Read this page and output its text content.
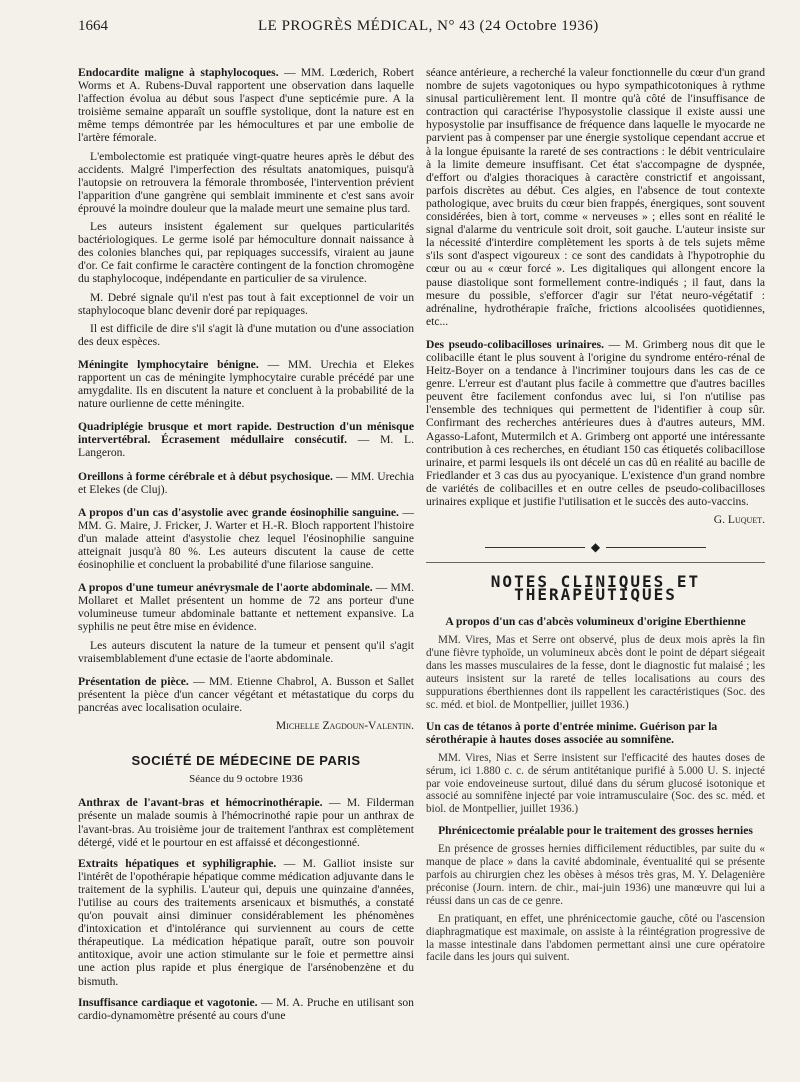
1664	LE PROGRÈS MÉDICAL, N° 43 (24 Octobre 1936)

Endocardite maligne à staphylocoques. — MM. Lœderich, Robert Worms et A. Rubens-Duval rapportent une observation dans laquelle l'affection évolua au début sous l'aspect d'une septicémie pure. A la troisième semaine apparaît un souffle systolique, dont la nature est en même temps démontrée par les hémocultures et par une embolie de l'artère fémorale.

L'embolectomie est pratiquée vingt-quatre heures après le début des accidents. Malgré l'imperfection des résultats anatomiques, puisqu'à l'autopsie on retrouvera la fémorale thrombosée, l'intervention prévient l'apparition d'une gangrène qui semblait imminente et c'est sans avoir éprouvé la moindre douleur que la malade meurt une semaine plus tard.

Les auteurs insistent également sur quelques particularités bactériologiques. Le germe isolé par hémoculture donnait naissance à des colonies blanches qui, par repiquages successifs, viraient au jaune d'or. Ce fait confirme le caractère contingent de la fonction chromogène du staphylocoque, indépendante en particulier de sa virulence.

M. Debré signale qu'il n'est pas tout à fait exceptionnel de voir un staphylocoque blanc devenir doré par repiquages.

Il est difficile de dire s'il s'agit là d'une mutation ou d'une association des deux espèces.

Méningite lymphocytaire bénigne. — MM. Urechia et Elekes rapportent un cas de méningite lymphocytaire curable précédé par une amygdalite. Ils en discutent la nature et concluent à la probabilité de la nature ourlienne de cette méningite.

Quadriplégie brusque et mort rapide. Destruction d'un ménisque intervertébral. Écrasement médullaire consécutif. — M. L. Langeron.

Oreillons à forme cérébrale et à début psychosique. — MM. Urechia et Elekes (de Cluj).

A propos d'un cas d'asystolie avec grande éosinophilie sanguine. — MM. G. Maire, J. Fricker, J. Warter et H.-R. Bloch rapportent l'histoire d'un malade atteint d'asystolie chez lequel l'éosinophilie sanguine atteignait jusqu'à 80 %. Les auteurs discutent la cause de cette éosinophilie et concluent la probabilité d'une filariose sanguine.

A propos d'une tumeur anévrysmale de l'aorte abdominale. — MM. Mollaret et Mallet présentent un homme de 72 ans porteur d'une volumineuse tumeur abdominale battante et nettement expansive. La syphilis ne peut être mise en évidence.

Les auteurs discutent la nature de la tumeur et pensent qu'il s'agit vraisemblablement d'une ectasie de l'aorte abdominale.

Présentation de pièce. — MM. Etienne Chabrol, A. Busson et Sallet présentent la pièce d'un cancer végétant et métastatique du corps du pancréas avec localisation oculaire.

Michelle Zagdoun-Valentin.
SOCIÉTÉ DE MÉDECINE DE PARIS
Séance du 9 octobre 1936

Anthrax de l'avant-bras et hémocrinothérapie. — M. Filderman présente un malade soumis à l'hémocrinothé rapie pour un anthrax de l'avant-bras. Au troisième jour de traitement l'anthrax est complètement détergé, vidé et le pourtour en est affaissé et décongestionné.

Extraits hépatiques et syphiligraphie. — M. Galliot insiste sur l'intérêt de l'opothérapie hépatique comme médication adjuvante dans le traitement de la syphilis. L'auteur qui, depuis une quinzaine d'années, l'utilise au cours des traitements arsenicaux et bismuthés, a constaté qu'on pouvait ainsi diminuer considérablement les phénomènes d'intoxication et d'intolérance qui surviennent au cours de cette thérapeutique. La médication hépatique paraît, outre son pouvoir antitoxique, avoir une action stimulante sur le foie et permettre ainsi une action plus rapide et plus énergique de l'arsénobenzène et du bismuth.

Insuffisance cardiaque et vagotonie. — M. A. Pruche en utilisant son cardio-dynamomètre présenté au cours d'une

séance antérieure, a recherché la valeur fonctionnelle du cœur d'un grand nombre de sujets vagotoniques ou hypo sympathicotoniques à rythme sinusal particulièrement lent. Il montre qu'à côté de l'insuffisance de contraction qui caractérise l'hyposystolie classique il existe aussi une hyposystolie par insuffisance de fréquence dans laquelle le myocarde ne parvient pas à compenser par une énergie systolique cependant accrue et à la longue épuisante la rareté de ses contractions : le débit ventriculaire à la limite demeure insuffisant. Cet état s'accompagne de dyspnée, d'effort ou d'algies thoraciques à caractère constrictif et angoissant, parfois discrètes au début. Ces algies, en l'absence de tout contexte pathologique, avec bruits du cœur bien frappés, énergiques, sont souvent considérées, bien à tort, comme « nerveuses » ; elles sont en réalité le signal d'alarme du ventricule soit droit, soit gauche. L'auteur insiste sur la nécessité d'interdire complètement les sports à de tels sujets même s'ils sont d'aspect vigoureux : ce sont des candidats à l'hypotrophie du cœur ou au « cœur forcé ». Les digitaliques qui allongent encore la pause diastolique sont formellement contre-indiqués ; il faut, dans la mesure du possible, s'efforcer d'agir sur l'état neuro-végétatif : adrénaline, hydrothérapie fraîche, frictions alcoolisées quotidiennes, etc...

Des pseudo-colibacilloses urinaires. — M. Grimberg nous dit que le colibacille étant le plus souvent à l'origine du syndrome entéro-rénal de Heitz-Boyer on a tendance à l'incriminer toujours dans les cas de ce genre. L'erreur est d'autant plus facile à commettre que d'autres bacilles peuvent être facilement confondus avec lui, si l'on n'utilise pas l'ensemble des techniques qui permettent de l'identifier à coup sûr. Confirmant des recherches antérieures dues à d'autres auteurs, MM. Agasso-Lafont, Mutermilch et A. Grimberg ont apporté une intéressante contribution à ces recherches, en étudiant 150 cas étiquetés colibacillose urinaire, et parmi lesquels ils ont décelé un cas dû en réalité au bacille de Friedlander et 3 cas dus au pyocyanique. L'existence d'un grand nombre de variétés de colibacilles et en outre celles de pseudo-colibacilloses urinaires explique et justifie l'utilisation et le succès des auto-vaccins.

G. Luquet.
◆
NOTES CLINIQUES ET THÉRAPEUTIQUES
A propos d'un cas d'abcès volumineux d'origine Eberthienne

MM. Vires, Mas et Serre ont observé, plus de deux mois après la fin d'une fièvre typhoïde, un volumineux abcès dont le point de départ siégeait dans les masses musculaires de la fesse, dont le diagnostic fut malaisé ; les auteurs insistent sur la rareté de telles localisations au cours des suppurations éberthiennes dont ils rappellent les caractéristiques (Soc. des sc. méd. et biol. de Montpellier, juillet 1936.)

Un cas de tétanos à porte d'entrée minime. Guérison par la sérothérapie à hautes doses associée au somnifène.

MM. Vires, Nias et Serre insistent sur l'efficacité des hautes doses de sérum, ici 1.880 c. c. de sérum antitétanique purifié à 5.000 U. S. injecté par voie endoveineuse surtout, dilué dans du sérum glucosé isotonique et associé au somnifène injecté par voie intramusculaire (Soc. des sc. méd. et biol. de Montpellier, juillet 1936.)

Phrénicectomie préalable pour le traitement des grosses hernies

En présence de grosses hernies difficilement réductibles, par suite du « manque de place » dans la cavité abdominale, éventualité qui se présente parfois au chirurgien chez les obèses à mésos très gras, M. Y. Delagenière préconise (Journ. intern. de chir., mai-juin 1936) une manœuvre qui lui a réussi dans un cas de ce genre.

En pratiquant, en effet, une phrénicectomie gauche, côté ou l'ascension diaphragmatique est maximale, on assiste à la réintégration progressive de la masse intestinale dans l'abdomen permettant ainsi une cure opératoire facile dans les jours qui suivent.
